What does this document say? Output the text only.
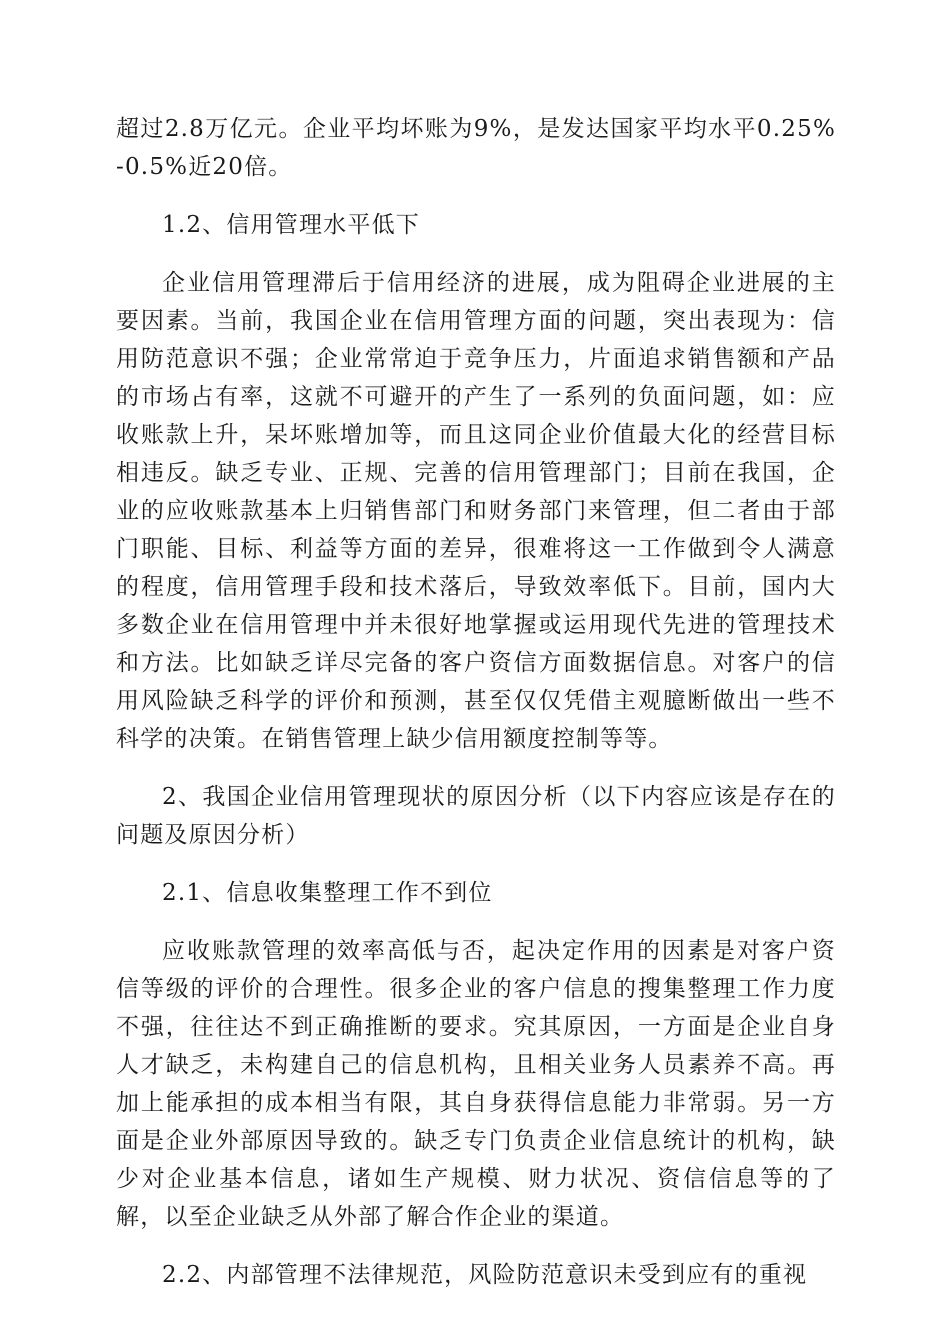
超过2.8万亿元。企业平均坏账为9%，是发达国家平均水平0.25%-0.5%近20倍。

1.2、信用管理水平低下

企业信用管理滞后于信用经济的进展，成为阻碍企业进展的主要因素。当前，我国企业在信用管理方面的问题，突出表现为：信用防范意识不强；企业常常迫于竞争压力，片面追求销售额和产品的市场占有率，这就不可避开的产生了一系列的负面问题，如：应收账款上升，呆坏账增加等，而且这同企业价值最大化的经营目标相违反。缺乏专业、正规、完善的信用管理部门；目前在我国，企业的应收账款基本上归销售部门和财务部门来管理，但二者由于部门职能、目标、利益等方面的差异，很难将这一工作做到令人满意的程度，信用管理手段和技术落后，导致效率低下。目前，国内大多数企业在信用管理中并未很好地掌握或运用现代先进的管理技术和方法。比如缺乏详尽完备的客户资信方面数据信息。对客户的信用风险缺乏科学的评价和预测，甚至仅仅凭借主观臆断做出一些不科学的决策。在销售管理上缺少信用额度控制等等。

2、我国企业信用管理现状的原因分析（以下内容应该是存在的问题及原因分析）

2.1、信息收集整理工作不到位

应收账款管理的效率高低与否，起决定作用的因素是对客户资信等级的评价的合理性。很多企业的客户信息的搜集整理工作力度不强，往往达不到正确推断的要求。究其原因，一方面是企业自身人才缺乏，未构建自己的信息机构，且相关业务人员素养不高。再加上能承担的成本相当有限，其自身获得信息能力非常弱。另一方面是企业外部原因导致的。缺乏专门负责企业信息统计的机构，缺少对企业基本信息，诸如生产规模、财力状况、资信信息等的了解，以至企业缺乏从外部了解合作企业的渠道。

2.2、内部管理不法律规范，风险防范意识未受到应有的重视
